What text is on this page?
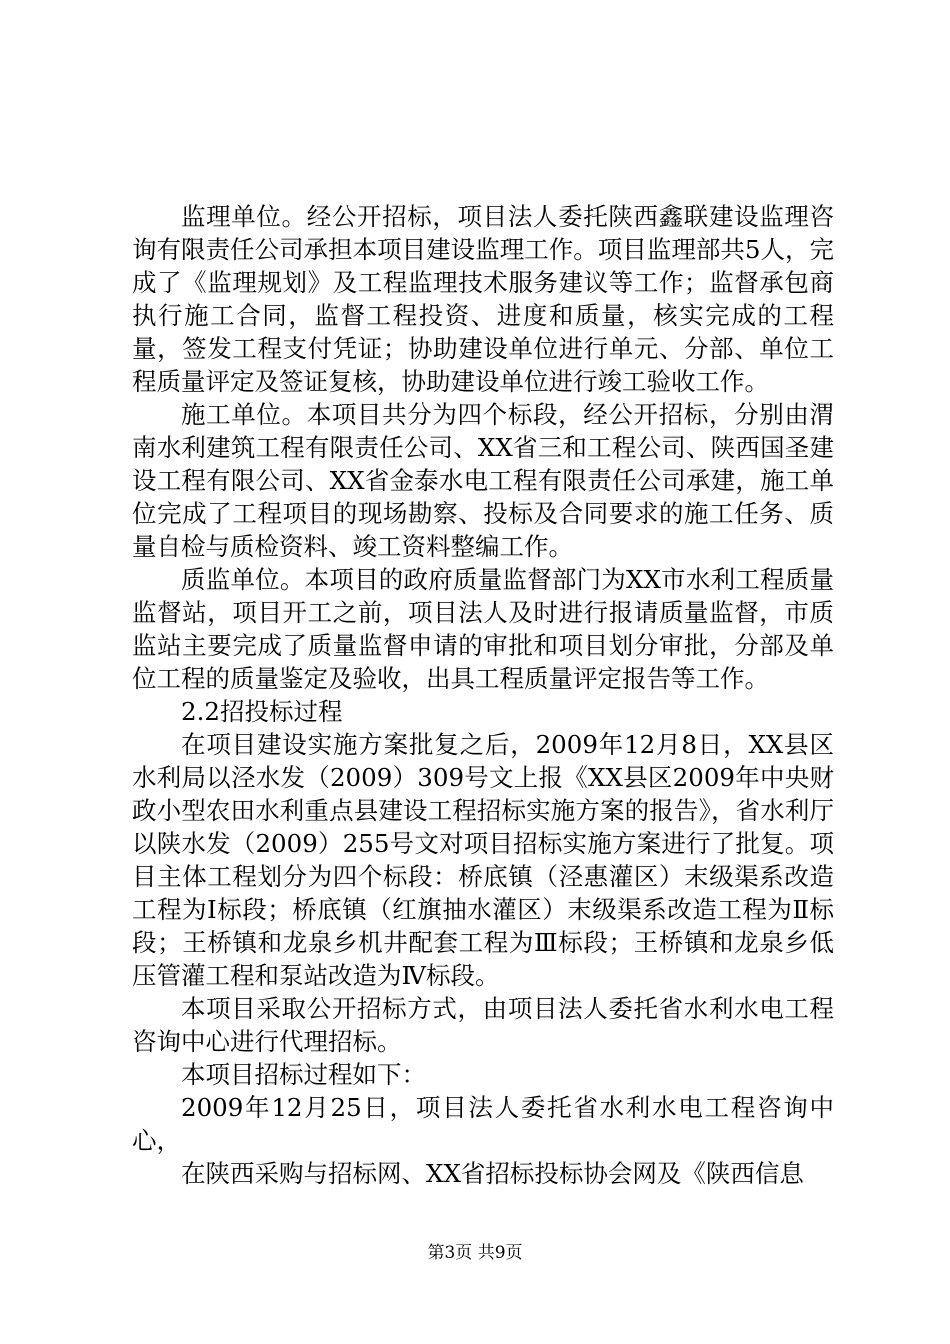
监理单位。经公开招标，项目法人委托陕西鑫联建设监理咨询有限责任公司承担本项目建设监理工作。项目监理部共5人，完成了《监理规划》及工程监理技术服务建议等工作；监督承包商执行施工合同，监督工程投资、进度和质量，核实完成的工程量，签发工程支付凭证；协助建设单位进行单元、分部、单位工程质量评定及签证复核，协助建设单位进行竣工验收工作。

施工单位。本项目共分为四个标段，经公开招标，分别由渭南水利建筑工程有限责任公司、XX省三和工程公司、陕西国圣建设工程有限公司、XX省金泰水电工程有限责任公司承建，施工单位完成了工程项目的现场勘察、投标及合同要求的施工任务、质量自检与质检资料、竣工资料整编工作。

质监单位。本项目的政府质量监督部门为XX市水利工程质量监督站，项目开工之前，项目法人及时进行报请质量监督，市质监站主要完成了质量监督申请的审批和项目划分审批，分部及单位工程的质量鉴定及验收，出具工程质量评定报告等工作。

2.2招投标过程

在项目建设实施方案批复之后，2009年12月8日，XX县区水利局以泾水发（2009）309号文上报《XX县区2009年中央财政小型农田水利重点县建设工程招标实施方案的报告》，省水利厅以陕水发（2009）255号文对项目招标实施方案进行了批复。项目主体工程划分为四个标段：桥底镇（泾惠灌区）末级渠系改造工程为Ⅰ标段；桥底镇（红旗抽水灌区）末级渠系改造工程为Ⅱ标段；王桥镇和龙泉乡机井配套工程为Ⅲ标段；王桥镇和龙泉乡低压管灌工程和泵站改造为Ⅳ标段。

本项目采取公开招标方式，由项目法人委托省水利水电工程咨询中心进行代理招标。

本项目招标过程如下：

2009年12月25日，项目法人委托省水利水电工程咨询中心，

在陕西采购与招标网、XX省招标投标协会网及《陕西信息

第3页 共9页
